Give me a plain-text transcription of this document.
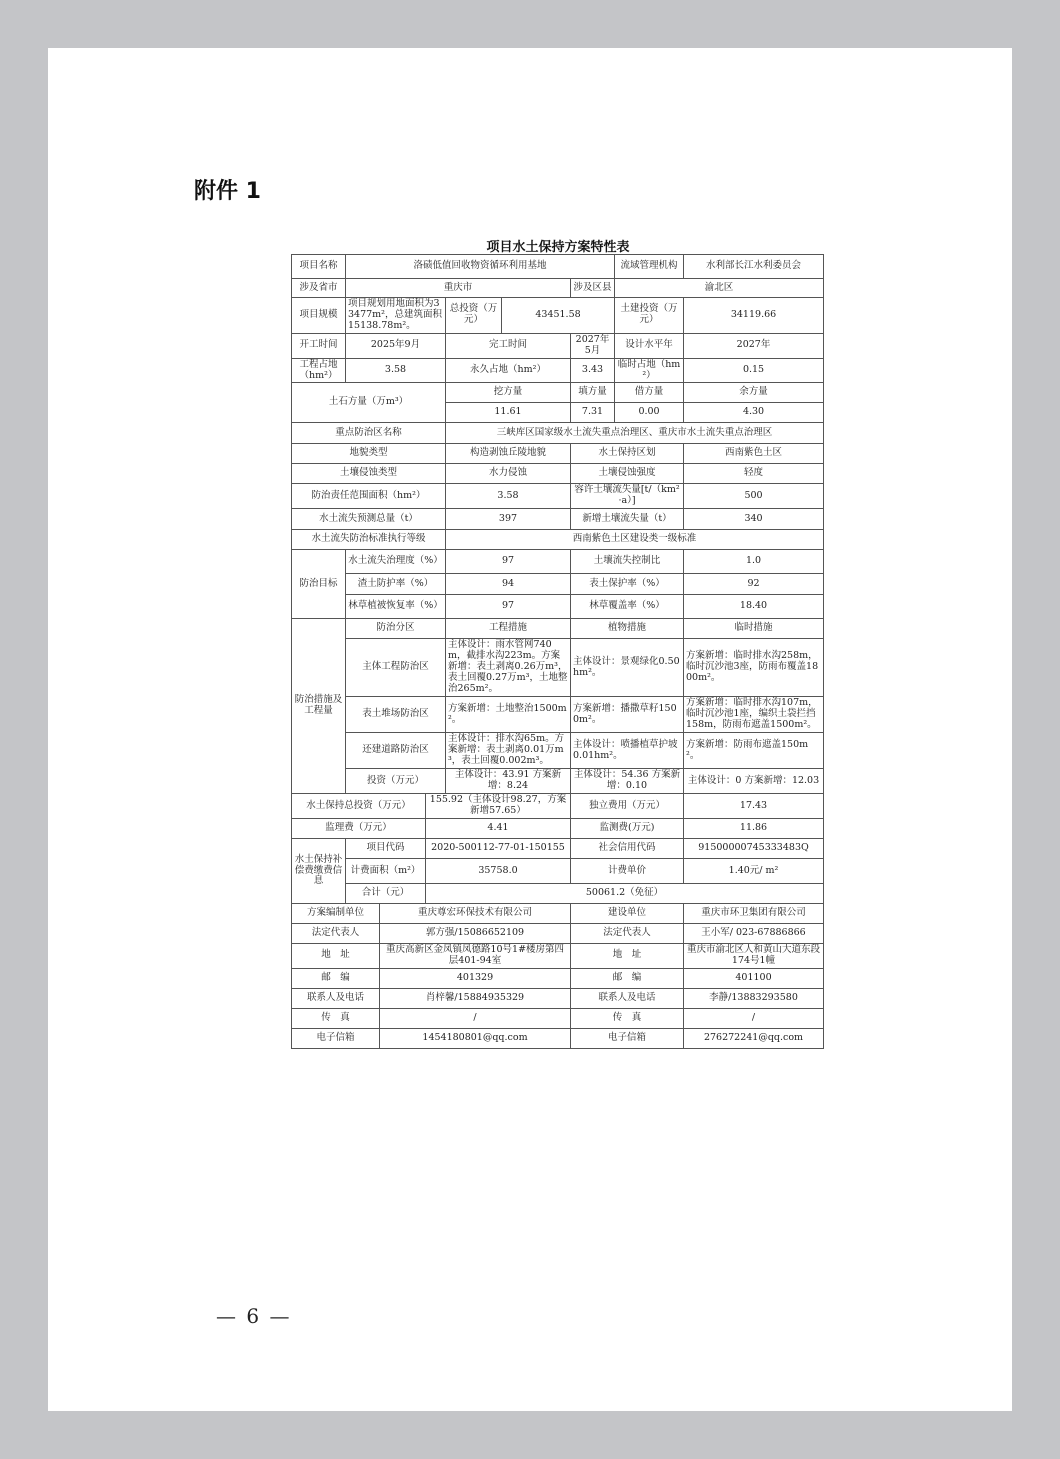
附件 1
项目水土保持方案特性表
项目名称	洛碛低值回收物资循环利用基地						流域管理机构	水利部长江水利委员会
涉及省市	重庆市					涉及区县	渝北区	
项目规模	项目规划用地面积为33477m²，总建筑面积15138.78m²。			总投资（万元）	43451.58		土建投资（万元）	34119.66
开工时间	2025年9月			完工时间		2027年5月	设计水平年	2027年
工程占地（hm²）	3.58			永久占地（hm²）		3.43	临时占地（hm²）	0.15
土石方量（万m³）				挖方量		填方量	借方量	余方量
				11.61		7.31	0.00	4.30
重点防治区名称				三峡库区国家级水土流失重点治理区、重庆市水土流失重点治理区				
地貌类型				构造剥蚀丘陵地貌		水土保持区划		西南紫色土区
土壤侵蚀类型				水力侵蚀		土壤侵蚀强度		轻度
防治责任范围面积（hm²）				3.58		容许土壤流失量[t/（km²·a）]		500
水土流失预测总量（t）				397		新增土壤流失量（t）		340
水土流失防治标准执行等级				西南紫色土区建设类一级标准				
防治目标	水土流失治理度（%）			97		土壤流失控制比		1.0
	渣土防护率（%）			94		表土保护率（%）		92
	林草植被恢复率（%）			97		林草覆盖率（%）		18.40
防治措施及工程量	防治分区			工程措施		植物措施		临时措施
	主体工程防治区			主体设计：雨水管网740m，截排水沟223m。方案新增：表土剥离0.26万m³，表土回覆0.27万m³，土地整治265m²。		主体设计：景观绿化0.50hm²。		方案新增：临时排水沟258m，临时沉沙池3座，防雨布覆盖1800m²。
	表土堆场防治区			方案新增：土地整治1500m²。		方案新增：播撒草籽1500m²。		方案新增：临时排水沟107m，临时沉沙池1座，编织土袋拦挡158m，防雨布遮盖1500m²。
	还建道路防治区			主体设计：排水沟65m。方案新增：表土剥离0.01万m³，表土回覆0.002m³。		主体设计：喷播植草护坡0.01hm²。		方案新增：防雨布遮盖150m²。
	投资（万元）			主体设计：43.91 方案新增：8.24		主体设计：54.36 方案新增：0.10		主体设计：0 方案新增：12.03
水土保持总投资（万元）			155.92（主体设计98.27，方案新增57.65）			独立费用（万元）		17.43
监理费（万元）			4.41			监测费(万元)		11.86
水土保持补偿费缴费信息	项目代码		2020-500112-77-01-150155			社会信用代码		91500000745333483Q
	计费面积（m²）		35758.0			计费单价		1.40元/ m²
	合计（元）		50061.2（免征）					
方案编制单位		重庆尊宏环保技术有限公司				建设单位		重庆市环卫集团有限公司
法定代表人		郭方强/15086652109				法定代表人		王小军/ 023-67886866
地　址		重庆高新区金凤镇凤德路10号1#楼房第四层401-94室				地　址		重庆市渝北区人和黄山大道东段174号1幢
邮　编		401329				邮　编		401100
联系人及电话		肖梓馨/15884935329				联系人及电话		李静/13883293580
传　真		/				传　真		/
电子信箱		1454180801@qq.com				电子信箱		276272241@qq.com
— 6 —
